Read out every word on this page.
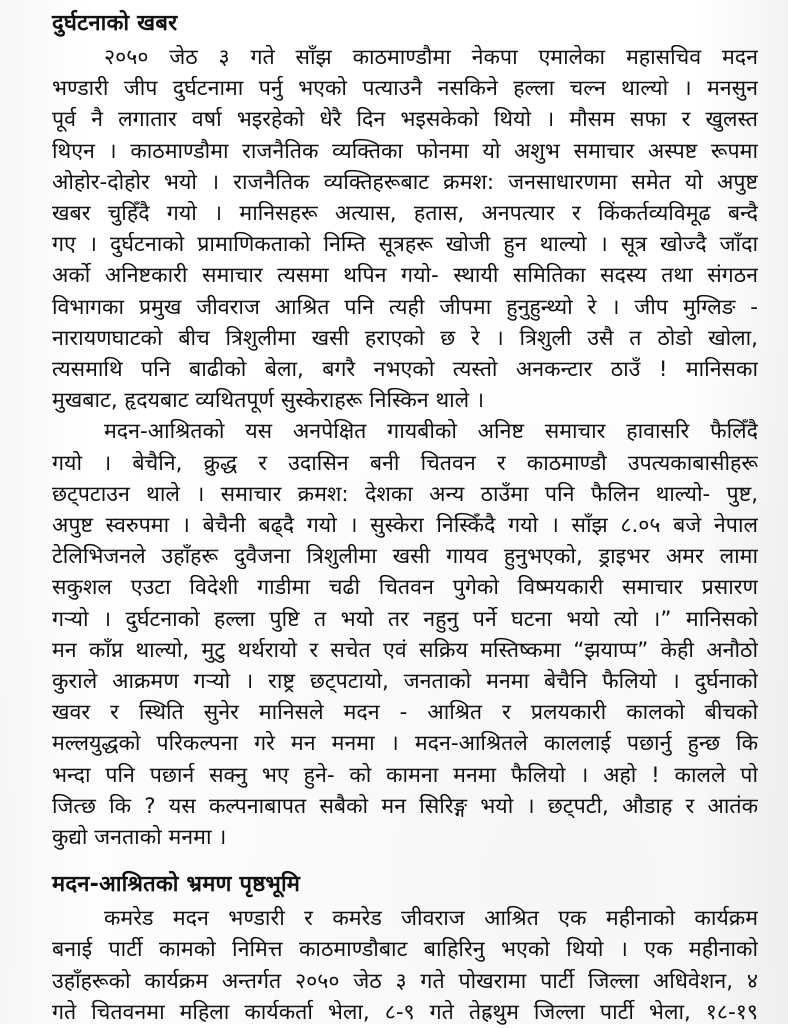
दुर्घटनाको खबर

२०५० जेठ ३ गते साँझ काठमाण्डौमा नेकपा एमालेका महासचिव मदन
भण्डारी जीप दुर्घटनामा पर्नु भएको पत्याउनै नसकिने हल्ला चल्न थाल्यो । मनसुन
पूर्व नै लगातार वर्षा भइरहेको धेरै दिन भइसकेको थियो । मौसम सफा र खुलस्त
थिएन । काठमाण्डौमा राजनैतिक व्यक्तिका फोनमा यो अशुभ समाचार अस्पष्ट रूपमा
ओहोर-दोहोर भयो । राजनैतिक व्यक्तिहरूबाट क्रमश: जनसाधारणमा समेत यो अपुष्ट
खबर चुहिँदै गयो । मानिसहरू अत्यास, हतास, अनपत्यार र किंकर्तव्यविमूढ बन्दै
गए । दुर्घटनाको प्रामाणिकताको निम्ति सूत्रहरू खोजी हुन थाल्यो । सूत्र खोज्दै जाँदा
अर्को अनिष्टकारी समाचार त्यसमा थपिन गयो- स्थायी समितिका सदस्य तथा संगठन
विभागका प्रमुख जीवराज आश्रित पनि त्यही जीपमा हुनुहुन्थ्यो रे । जीप मुग्लिङ -
नारायणघाटको बीच त्रिशुलीमा खसी हराएको छ रे । त्रिशुली उसै त ठोडो खोला,
त्यसमाथि पनि बाढीको बेला, बगरै नभएको त्यस्तो अनकन्टार ठाउँ ! मानिसका
मुखबाट, हृदयबाट व्यथितपूर्ण सुस्केराहरू निस्किन थाले ।

मदन-आश्रितको यस अनपेक्षित गायबीको अनिष्ट समाचार हावासरि फैलिँदै
गयो । बेचैनि, क्रुद्ध र उदासिन बनी चितवन र काठमाण्डौ उपत्यकाबासीहरू
छट्पटाउन थाले । समाचार क्रमश: देशका अन्य ठाउँमा पनि फैलिन थाल्यो- पुष्ट,
अपुष्ट स्वरुपमा । बेचैनी बढ्दै गयो । सुस्केरा निस्किँदै गयो । साँझ ८.०५ बजे नेपाल
टेलिभिजनले उहाँहरू दुवैजना त्रिशुलीमा खसी गायव हुनुभएको, ड्राइभर अमर लामा
सकुशल एउटा विदेशी गाडीमा चढी चितवन पुगेको विष्मयकारी समाचार प्रसारण
गऱ्यो । दुर्घटनाको हल्ला पुष्टि त भयो तर नहुनु पर्ने घटना भयो त्यो ।” मानिसको
मन काँप्न थाल्यो, मुटु थर्थरायो र सचेत एवं सक्रिय मस्तिष्कमा “झयाप्प” केही अनौठो
कुराले आक्रमण गऱ्यो । राष्ट्र छट्पटायो, जनताको मनमा बेचैनि फैलियो । दुर्घनाको
खवर र स्थिति सुनेर मानिसले मदन - आश्रित र प्रलयकारी कालको बीचको
मल्लयुद्धको परिकल्पना गरे मन मनमा । मदन-आश्रितले काललाई पछार्नु हुन्छ कि
भन्दा पनि पछार्न सक्नु भए हुने- को कामना मनमा फैलियो । अहो ! कालले पो
जित्छ कि ? यस कल्पनाबापत सबैको मन सिरिङ्ग भयो । छट्पटी, औडाह र आतंक
कुद्यो जनताको मनमा ।

मदन-आश्रितको भ्रमण पृष्ठभूमि

कमरेड मदन भण्डारी र कमरेड जीवराज आश्रित एक महीनाको कार्यक्रम
बनाई पार्टी कामको निमित्त काठमाण्डौबाट बाहिरिनु भएको थियो । एक महीनाको
उहाँहरूको कार्यक्रम अन्तर्गत २०५० जेठ ३ गते पोखरामा पार्टी जिल्ला अधिवेशन, ४
गते चितवनमा महिला कार्यकर्ता भेला, ८-९ गते तेह्रथुम जिल्ला पार्टी भेला, १८-१९
